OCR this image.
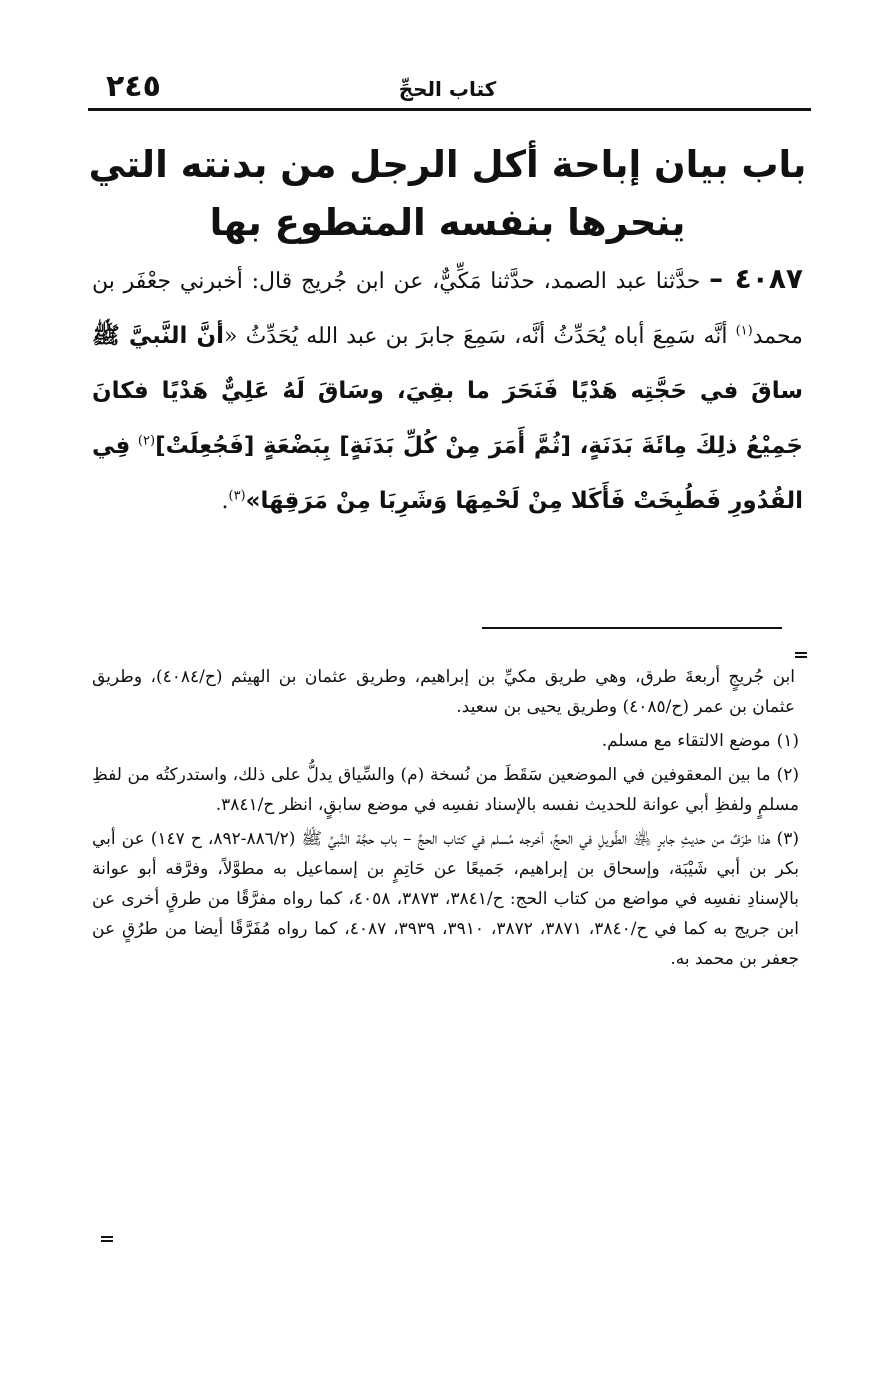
٢٤٥	كتاب الحجِّ
باب بيان إباحة أكل الرجل من بدنته التي ينحرها بنفسه المتطوع بها
٤٠٨٧ – حدَّثنا عبد الصمد، حدَّثنا مَكِّيٌّ، عن ابن جُريج قال: أخبرني جعْفَر بن محمد$^{(١)}$ أنَّه سَمِعَ أباه يُحَدِّثُ أنَّه، سَمِعَ جابرَ بن عبد الله يُحَدِّثُ «أنَّ النَّبيَّ ﷺ ساقَ في حَجَّتِه هَدْيًا فَنَحَرَ ما بقِيَ، وسَاقَ لَهُ عَلِيٌّ هَدْيًا فكانَ جَمِيْعُ ذلِكَ مِائَةَ بَدَنَةٍ، [ثُمَّ أَمَرَ مِنْ كُلِّ بَدَنَةٍ] بِبَضْعَةٍ [فَجُعِلَتْ]$^{(٢)}$ فِي القُدُورِ فَطُبِخَتْ فَأَكَلا مِنْ لَحْمِهَا وَشَرِبَا مِنْ مَرَقِهَا»$^{(٣)}$.

ابن جُريجٍ أربعةَ طرق، وهي طريق مكيِّ بن إبراهيم، وطريق عثمان بن الهيثم (ح/٤٠٨٤)، وطريق عثمان بن عمر (ح/٤٠٨٥) وطريق يحيى بن سعيد.

(١)موضع الالتقاء مع مسلم.

(٢)ما بين المعقوفين في الموضعين سَقَطَ من نُسخة (م) والسِّياق يدلُّ على ذلك، واستدركتُه من لفظِ مسلمٍ ولفظِ أبي عوانة للحديث نفسه بالإسناد نفسِه في موضع سابقٍ، انظر ح/٣٨٤١.

(٣)هذا طرَفٌ من حديثِ جابرٍ ﵁ الطَّويلِ في الحجِّ، أخرجه مُسلم في كتاب الحجِّ – باب حجَّة النَّبيِّ ﷺ (٨٨٦/٢-٨٩٢، ح ١٤٧) عن أبي بكر بن أبي شَيْبَة، وإسحاق بن إبراهيم، جَميعًا عن حَاتِمٍ بن إسماعيل به مطوَّلاً، وفرَّقه أبو عوانة بالإسنادِ نفسِه في مواضع من كتاب الحج: ح/٣٨٤١، ٣٨٧٣، ٤٠٥٨، كما رواه مفرَّقًا من طرقٍ أخرى عن ابن جريج به كما في ح/٣٨٤٠، ٣٨٧١، ٣٨٧٢، ٣٩١٠، ٣٩٣٩، ٤٠٨٧، كما رواه مُفَرَّقًا أيضا من طرُقٍ عن جعفر بن محمد به.
